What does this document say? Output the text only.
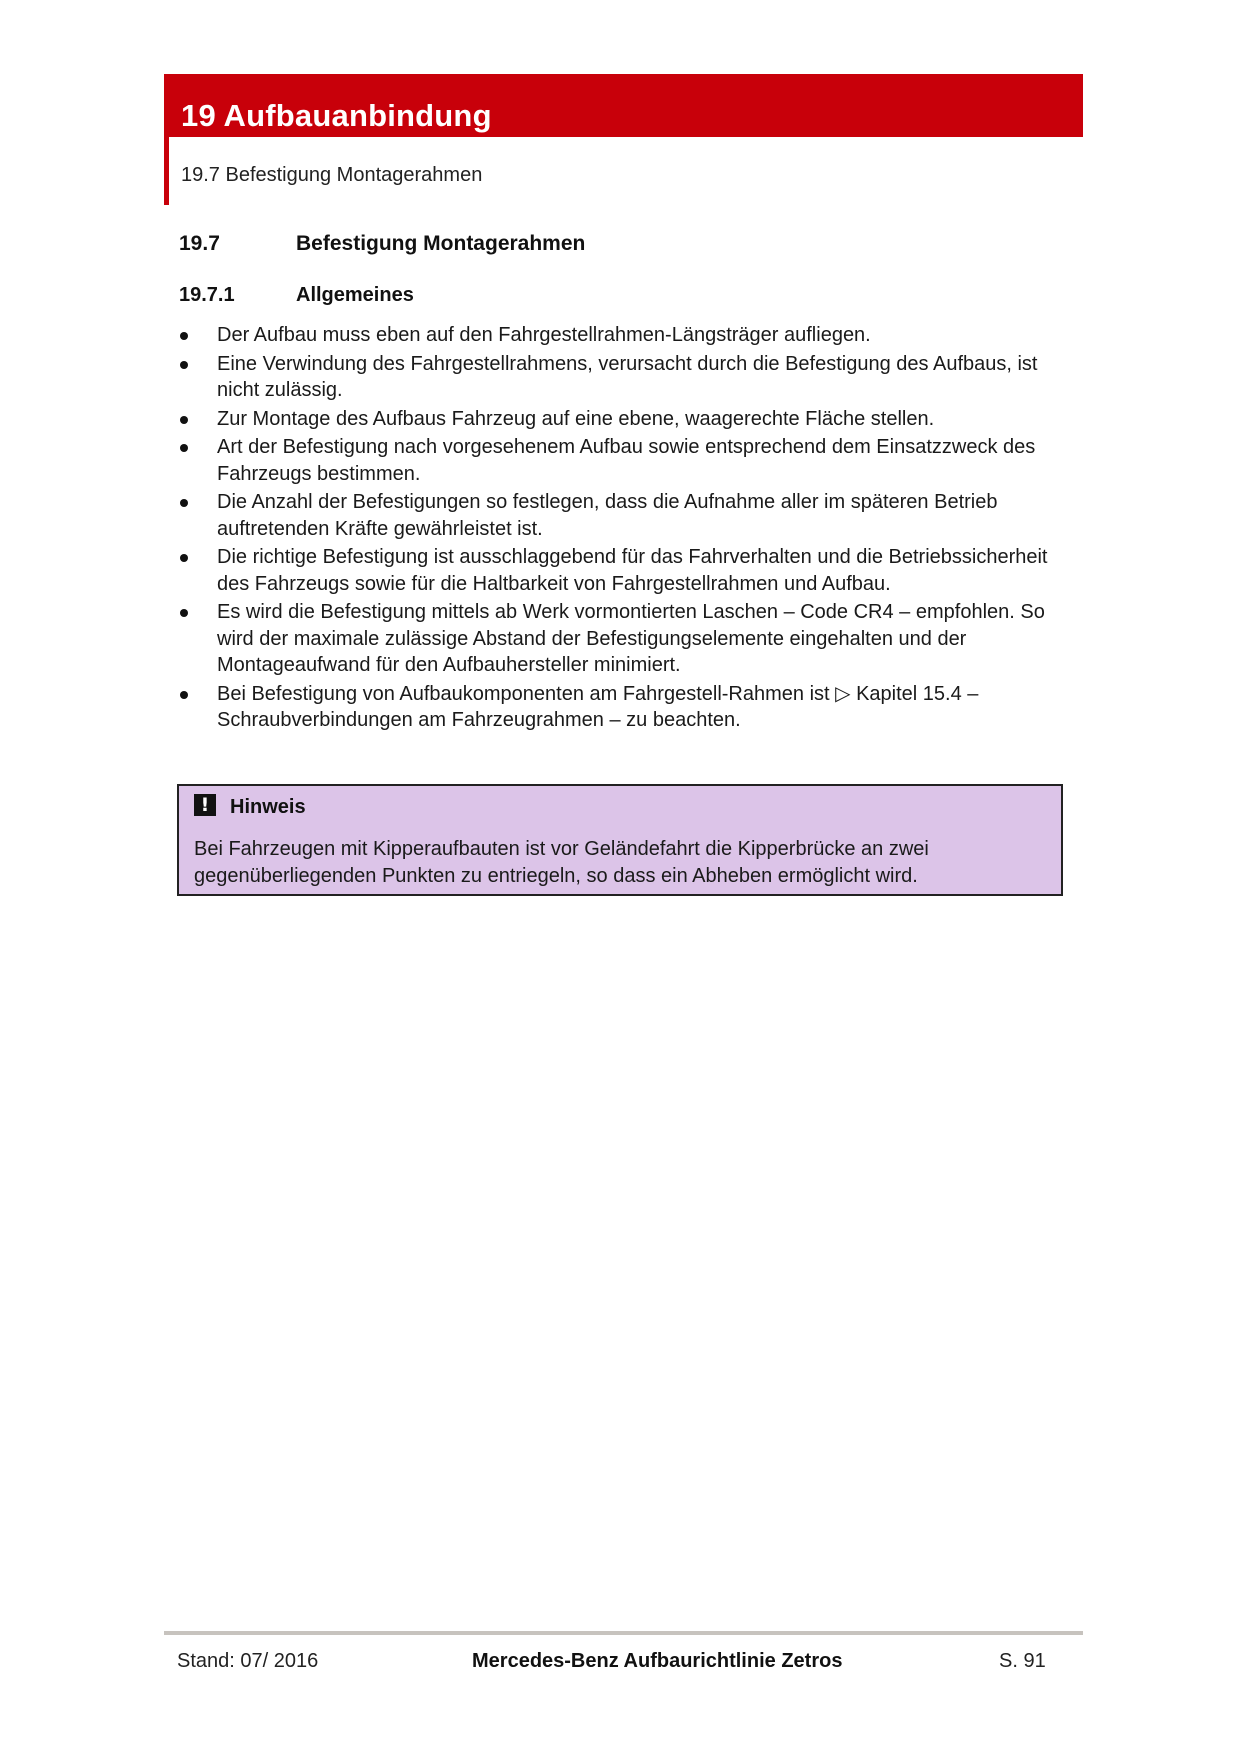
19 Aufbauanbindung
19.7 Befestigung Montagerahmen
19.7	Befestigung Montagerahmen
19.7.1	Allgemeines
Der Aufbau muss eben auf den Fahrgestellrahmen-Längsträger aufliegen.
Eine Verwindung des Fahrgestellrahmens, verursacht durch die Befestigung des Aufbaus, ist nicht zulässig.
Zur Montage des Aufbaus Fahrzeug auf eine ebene, waagerechte Fläche stellen.
Art der Befestigung nach vorgesehenem Aufbau sowie entsprechend dem Einsatzzweck des Fahrzeugs bestimmen.
Die Anzahl der Befestigungen so festlegen, dass die Aufnahme aller im späteren Betrieb auftretenden Kräfte gewährleistet ist.
Die richtige Befestigung ist ausschlaggebend für das Fahrverhalten und die Betriebssicherheit des Fahrzeugs sowie für die Haltbarkeit von Fahrgestellrahmen und Aufbau.
Es wird die Befestigung mittels ab Werk vormontierten Laschen – Code CR4 – empfohlen. So wird der maximale zulässige Abstand der Befestigungselemente eingehalten und der Montageaufwand für den Aufbauhersteller minimiert.
Bei Befestigung von Aufbaukomponenten am Fahrgestell-Rahmen ist ▷ Kapitel 15.4 – Schraubverbindungen am Fahrzeugrahmen – zu beachten.
!	Hinweis
Bei Fahrzeugen mit Kipperaufbauten ist vor Geländefahrt die Kipperbrücke an zwei gegenüberliegenden Punkten zu entriegeln, so dass ein Abheben ermöglicht wird.
Stand: 07/ 2016	Mercedes-Benz Aufbaurichtlinie Zetros	S. 91
